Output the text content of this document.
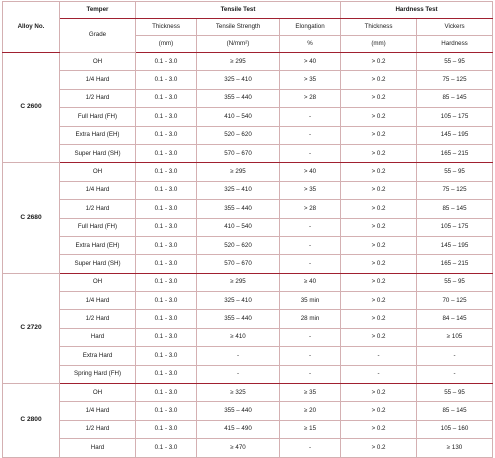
Alloy No.	Temper	Tensile Test			Hardness Test	
	Grade	Thickness	Tensile Strength	Elongation	Thickness	Vickers
		(mm)	(N/mm²)	%	(mm)	Hardness
C 2600	OH	0.1 - 3.0	≥ 295	> 40	> 0.2	55 – 95
	1/4 Hard	0.1 - 3.0	325 – 410	> 35	> 0.2	75 – 125
	1/2 Hard	0.1 - 3.0	355 – 440	> 28	> 0.2	85 – 145
	Full Hard (FH)	0.1 - 3.0	410 – 540	-	> 0.2	105 – 175
	Extra Hard (EH)	0.1 - 3.0	520 – 620	-	> 0.2	145 – 195
	Super Hard (SH)	0.1 - 3.0	570 – 670	-	> 0.2	165 – 215
C 2680	OH	0.1 - 3.0	≥ 295	> 40	> 0.2	55 – 95
	1/4 Hard	0.1 - 3.0	325 – 410	> 35	> 0.2	75 – 125
	1/2 Hard	0.1 - 3.0	355 – 440	> 28	> 0.2	85 – 145
	Full Hard (FH)	0.1 - 3.0	410 – 540	-	> 0.2	105 – 175
	Extra Hard (EH)	0.1 - 3.0	520 – 620	-	> 0.2	145 – 195
	Super Hard (SH)	0.1 - 3.0	570 – 670	-	> 0.2	165 – 215
C 2720	OH	0.1 - 3.0	≥ 295	≥ 40	> 0.2	55 – 95
	1/4 Hard	0.1 - 3.0	325 – 410	35 min	> 0.2	70 – 125
	1/2 Hard	0.1 - 3.0	355 – 440	28 min	> 0.2	84 – 145
	Hard	0.1 - 3.0	≥ 410	-	> 0.2	≥ 105
	Extra Hard	0.1 - 3.0	-	-	-	-
	Spring Hard (FH)	0.1 - 3.0	-	-	-	-
C 2800	OH	0.1 - 3.0	≥ 325	≥ 35	> 0.2	55 – 95
	1/4 Hard	0.1 - 3.0	355 – 440	≥ 20	> 0.2	85 – 145
	1/2 Hard	0.1 - 3.0	415 – 490	≥ 15	> 0.2	105 – 160
	Hard	0.1 - 3.0	≥ 470	-	> 0.2	≥ 130
